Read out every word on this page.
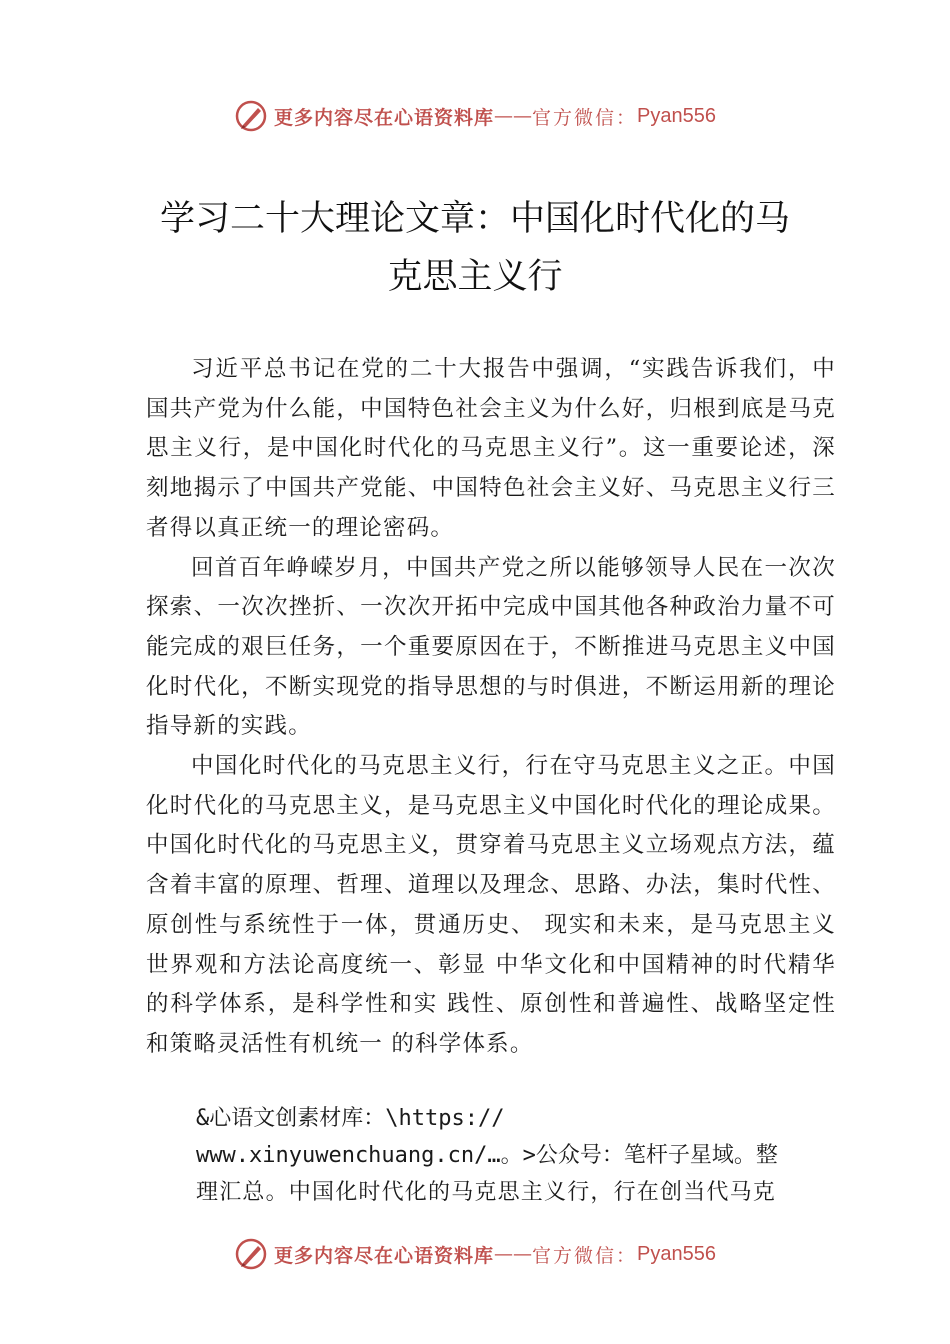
更多内容尽在心语资料库 —— 官方微信： Pyan556
学习二十大理论文章：中国化时代化的马
克思主义行

习近平总书记在党的二十大报告中强调，“实践告诉我们，中国共产党为什么能，中国特色社会主义为什么好，归根到底是马克思主义行，是中国化时代化的马克思主义行”。这一重要论述，深刻地揭示了中国共产党能、中国特色社会主义好、马克思主义行三者得以真正统一的理论密码。

回首百年峥嵘岁月，中国共产党之所以能够领导人民在一次次探索、一次次挫折、一次次开拓中完成中国其他各种政治力量不可能完成的艰巨任务，一个重要原因在于，不断推进马克思主义中国化时代化，不断实现党的指导思想的与时俱进，不断运用新的理论指导新的实践。

中国化时代化的马克思主义行，行在守马克思主义之正。中国化时代化的马克思主义，是马克思主义中国化时代化的理论成果。中国化时代化的马克思主义，贯穿着马克思主义立场观点方法，蕴含着丰富的原理、哲理、道理以及理念、思路、办法，集时代性、原创性与系统性于一体，贯通历史、 现实和未来，是马克思主义世界观和方法论高度统一、彰显 中华文化和中国精神的时代精华的科学体系，是科学性和实 践性、原创性和普遍性、战略坚定性和策略灵活性有机统一 的科学体系。

&心语文创素材库：\https://
www.xinyuwenchuang.cn/…。>公众号：笔杆子星域。整
理汇总。中国化时代化的马克思主义行，行在创当代马克
更多内容尽在心语资料库 —— 官方微信： Pyan556
